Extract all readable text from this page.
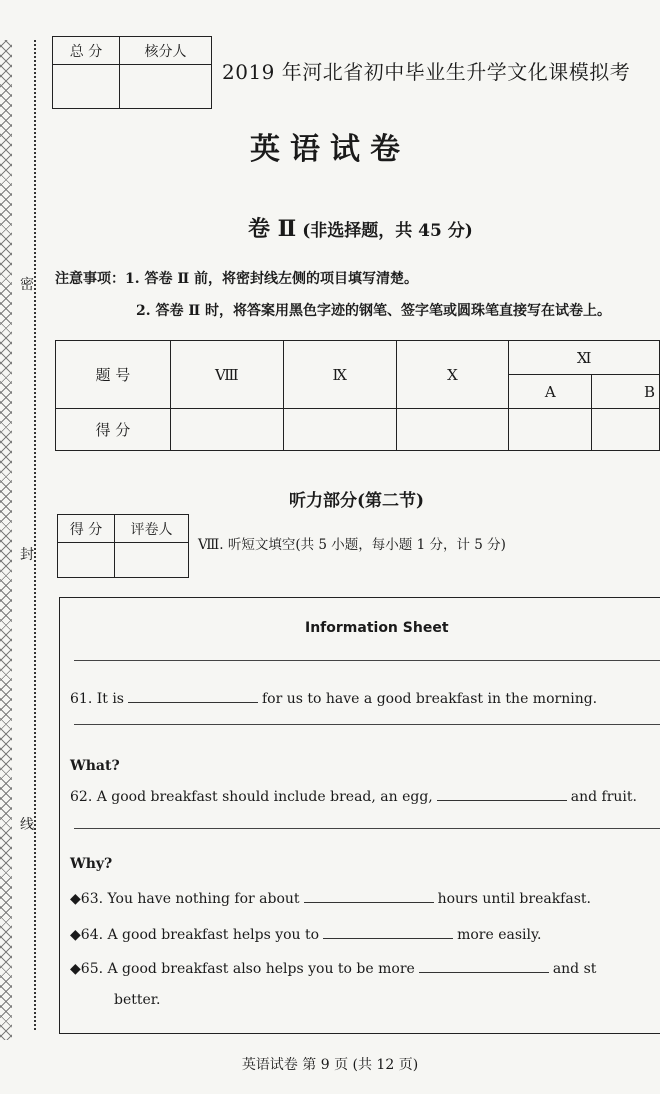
密
封
线
总 分	核分人

2019 年河北省初中毕业生升学文化课模拟考
英语试卷
卷 Ⅱ (非选择题，共 45 分)
注意事项：1. 答卷 Ⅱ 前，将密封线左侧的项目填写清楚。
2. 答卷 Ⅱ 时，将答案用黑色字迹的钢笔、签字笔或圆珠笔直接写在试卷上。
题 号	Ⅷ	Ⅸ	Ⅹ	Ⅺ	
				A	B
得 分					
听力部分(第二节)
得 分	评卷人

Ⅷ. 听短文填空(共 5 小题，每小题 1 分，计 5 分)
Information Sheet
61. It is	for us to have a good breakfast in the morning.
What?
62. A good breakfast should include bread, an egg,	and fruit.
Why?
◆63. You have nothing for about	hours until breakfast.
◆64. A good breakfast helps you to	more easily.
◆65. A good breakfast also helps you to be more	and st
better.
英语试卷 第 9 页 (共 12 页)
